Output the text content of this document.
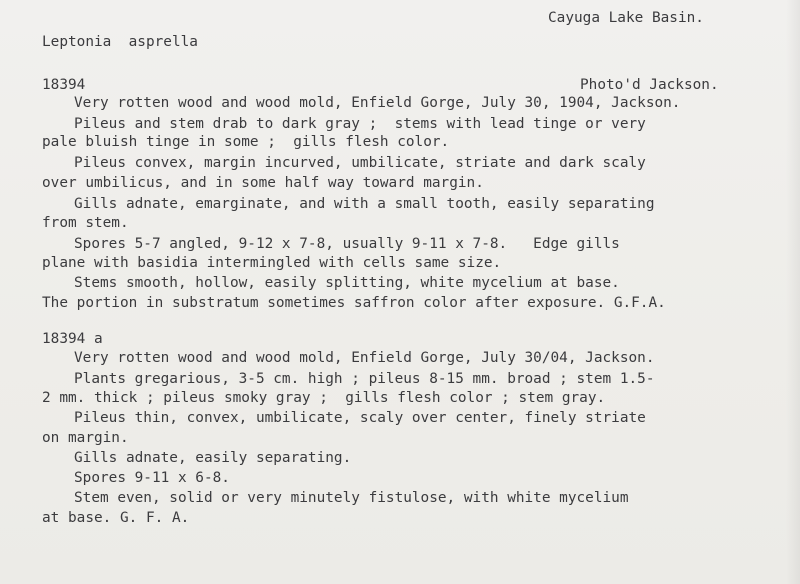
Cayuga Lake Basin.
Leptonia  asprella
18394	Photo'd Jackson.
Very rotten wood and wood mold, Enfield Gorge, July 30, 1904, Jackson.
Pileus and stem drab to dark gray ;  stems with lead tinge or very
pale bluish tinge in some ;  gills flesh color.
Pileus convex, margin incurved, umbilicate, striate and dark scaly
over umbilicus, and in some half way toward margin.
Gills adnate, emarginate, and with a small tooth, easily separating
from stem.
Spores 5-7 angled, 9-12 x 7-8, usually 9-11 x 7-8.   Edge gills
plane with basidia intermingled with cells same size.
Stems smooth, hollow, easily splitting, white mycelium at base.
The portion in substratum sometimes saffron color after exposure. G.F.A.
18394 a
Very rotten wood and wood mold, Enfield Gorge, July 30/04, Jackson.
Plants gregarious, 3-5 cm. high ; pileus 8-15 mm. broad ; stem 1.5-
2 mm. thick ; pileus smoky gray ;  gills flesh color ; stem gray.
Pileus thin, convex, umbilicate, scaly over center, finely striate
on margin.
Gills adnate, easily separating.
Spores 9-11 x 6-8.
Stem even, solid or very minutely fistulose, with white mycelium
at base. G. F. A.
